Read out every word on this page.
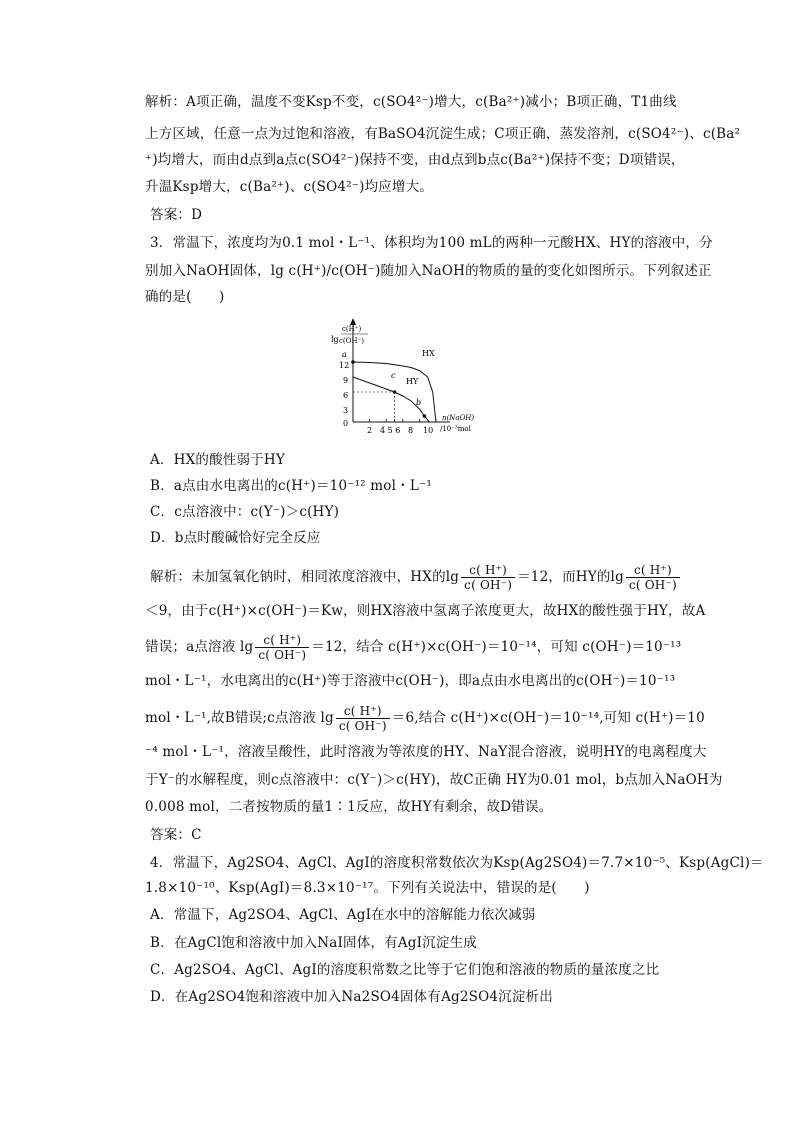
解析：A项正确，温度不变Ksp不变，c(SO4²⁻)增大，c(Ba²⁺)减小；B项正确，T1曲线
上方区域，任意一点为过饱和溶液，有BaSO4沉淀生成；C项正确，蒸发溶剂，c(SO4²⁻)、c(Ba²
⁺)均增大，而由d点到a点c(SO4²⁻)保持不变，由d点到b点c(Ba²⁺)保持不变；D项错误，
升温Ksp增大，c(Ba²⁺)、c(SO4²⁻)均应增大。
答案：D
3．常温下，浓度均为0.1 mol・L⁻¹、体积均为100 mL的两种一元酸HX、HY的溶液中，分
别加入NaOH固体，lg c(H⁺)/c(OH⁻)随加入NaOH的物质的量的变化如图所示。下列叙述正
确的是(　　)
lg
c(H⁺)
c(OH⁻)
a
12
9
6
3
0
2 4 5 6 8 10
n(NaOH)
/10⁻³mol
HX
HY
c
b
A．HX的酸性弱于HY
B．a点由水电离出的c(H⁺)＝10⁻¹² mol・L⁻¹
C．c点溶液中：c(Y⁻)＞c(HY)
D．b点时酸碱恰好完全反应
解析：未加氢氧化钠时，相同浓度溶液中，HX的$\lg \frac{c( H^+)}{c( OH^-)} =12$，而HY的$\lg \frac{c( H^+)}{c( OH^-)}$
＜9，由于c(H⁺)×c(OH⁻)＝Kw，则HX溶液中氢离子浓度更大，故HX的酸性强于HY，故A
错误；a点溶液 $\lg \frac{c( H^+)}{c( OH^-)} =12$，结合 c(H⁺)×c(OH⁻)＝10⁻¹⁴，可知 c(OH⁻)＝10⁻¹³
mol・L⁻¹，水电离出的c(H⁺)等于溶液中c(OH⁻)，即a点由水电离出的c(OH⁻)＝10⁻¹³
mol・L⁻¹,故B错误;c点溶液 $\lg \frac{c( H^+)}{c( OH^-)} =6$,结合 c(H⁺)×c(OH⁻)＝10⁻¹⁴,可知 c(H⁺)＝10
⁻⁴ mol・L⁻¹，溶液呈酸性，此时溶液为等浓度的HY、NaY混合溶液，说明HY的电离程度大
于Y⁻的水解程度，则c点溶液中：c(Y⁻)＞c(HY)，故C正确 HY为0.01 mol，b点加入NaOH为
0.008 mol，二者按物质的量1∶1反应，故HY有剩余，故D错误。
答案：C
4．常温下，Ag2SO4、AgCl、AgI的溶度积常数依次为Ksp(Ag2SO4)＝7.7×10⁻⁵、Ksp(AgCl)＝
1.8×10⁻¹⁰、Ksp(AgI)＝8.3×10⁻¹⁷。下列有关说法中，错误的是(　　)
A．常温下，Ag2SO4、AgCl、AgI在水中的溶解能力依次减弱
B．在AgCl饱和溶液中加入NaI固体，有AgI沉淀生成
C．Ag2SO4、AgCl、AgI的溶度积常数之比等于它们饱和溶液的物质的量浓度之比
D．在Ag2SO4饱和溶液中加入Na2SO4固体有Ag2SO4沉淀析出
